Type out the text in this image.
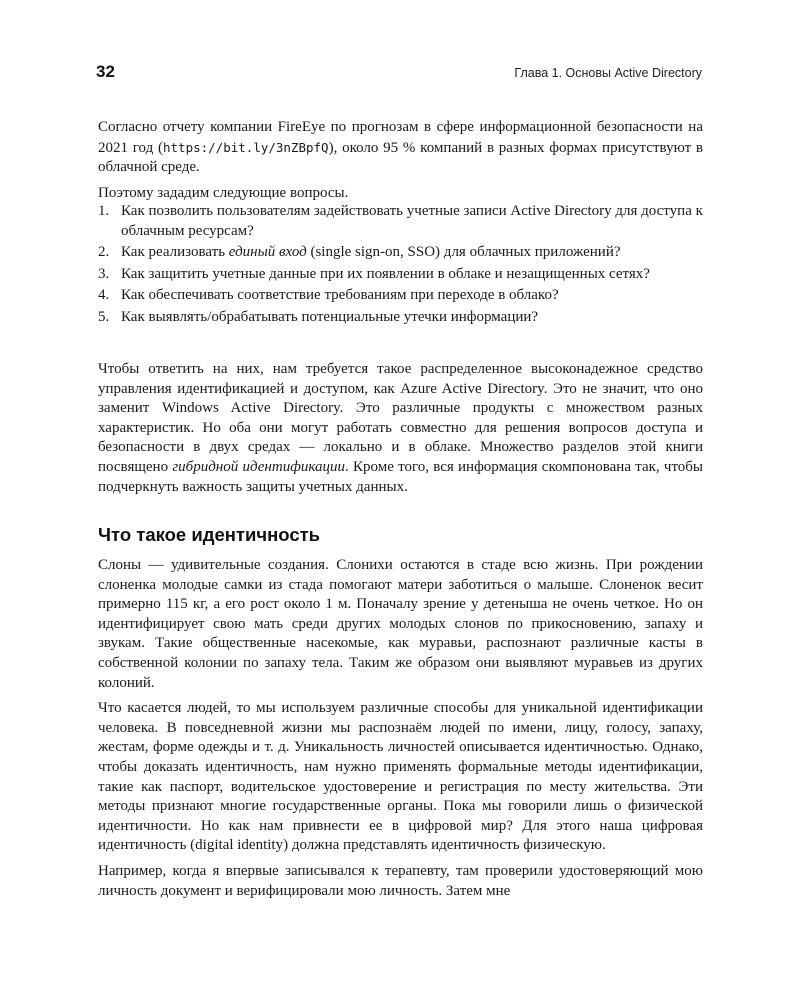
32	Глава 1. Основы Active Directory

Согласно отчету компании FireEye по прогнозам в сфере информационной безопасности на 2021 год (https://bit.ly/3nZBpfQ), около 95 % компаний в разных формах присутствуют в облачной среде.

Поэтому зададим следующие вопросы.

1. Как позволить пользователям задействовать учетные записи Active Directory для доступа к облачным ресурсам?
2. Как реализовать единый вход (single sign-on, SSO) для облачных приложений?
3. Как защитить учетные данные при их появлении в облаке и незащищенных сетях?
4. Как обеспечивать соответствие требованиям при переходе в облако?
5. Как выявлять/обрабатывать потенциальные утечки информации?

Чтобы ответить на них, нам требуется такое распределенное высоконадежное средство управления идентификацией и доступом, как Azure Active Directory. Это не значит, что оно заменит Windows Active Directory. Это различные продукты с множеством разных характеристик. Но оба они могут работать совместно для решения вопросов доступа и безопасности в двух средах — локально и в облаке. Множество разделов этой книги посвящено гибридной идентификации. Кроме того, вся информация скомпонована так, чтобы подчеркнуть важность защиты учетных данных.

Что такое идентичность

Слоны — удивительные создания. Слонихи остаются в стаде всю жизнь. При рождении слоненка молодые самки из стада помогают матери заботиться о малыше. Слоненок весит примерно 115 кг, а его рост около 1 м. Поначалу зрение у детеныша не очень четкое. Но он идентифицирует свою мать среди других молодых слонов по прикосновению, запаху и звукам. Такие общественные насекомые, как муравьи, распознают различные касты в собственной колонии по запаху тела. Таким же образом они выявляют муравьев из других колоний.

Что касается людей, то мы используем различные способы для уникальной идентификации человека. В повседневной жизни мы распознаём людей по имени, лицу, голосу, запаху, жестам, форме одежды и т. д. Уникальность личностей описывается идентичностью. Однако, чтобы доказать идентичность, нам нужно применять формальные методы идентификации, такие как паспорт, водительское удостоверение и регистрация по месту жительства. Эти методы признают многие государственные органы. Пока мы говорили лишь о физической идентичности. Но как нам привнести ее в цифровой мир? Для этого наша цифровая идентичность (digital identity) должна представлять идентичность физическую.

Например, когда я впервые записывался к терапевту, там проверили удостоверяющий мою личность документ и верифицировали мою личность. Затем мне
